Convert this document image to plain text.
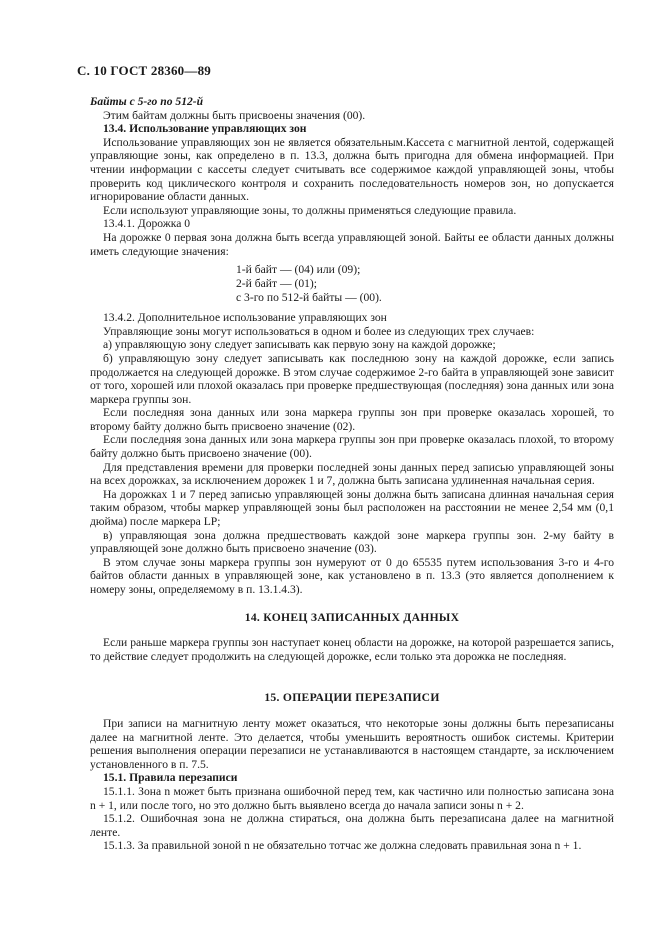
С. 10 ГОСТ 28360—89

Байты с 5-го по 512-й

Этим байтам должны быть присвоены значения (00).

13.4. Использование управляющих зон

Использование управляющих зон не является обязательным.Кассета с магнитной лентой, содержащей управляющие зоны, как определено в п. 13.3, должна быть пригодна для обмена информацией. При чтении информации с кассеты следует считывать все содержимое каждой управляющей зоны, чтобы проверить код циклического контроля и сохранить последовательность номеров зон, но допускается игнорирование области данных.

Если используют управляющие зоны, то должны применяться следующие правила.

13.4.1. Дорожка 0

На дорожке 0 первая зона должна быть всегда управляющей зоной. Байты ее области данных должны иметь следующие значения:

1-й байт — (04) или (09);
2-й байт — (01);
с 3-го по 512-й байты — (00).

13.4.2. Дополнительное использование управляющих зон

Управляющие зоны могут использоваться в одном и более из следующих трех случаев:

а) управляющую зону следует записывать как первую зону на каждой дорожке;

б) управляющую зону следует записывать как последнюю зону на каждой дорожке, если запись продолжается на следующей дорожке. В этом случае содержимое 2-го байта в управляющей зоне зависит от того, хорошей или плохой оказалась при проверке предшествующая (последняя) зона данных или зона маркера группы зон.

Если последняя зона данных или зона маркера группы зон при проверке оказалась хорошей, то второму байту должно быть присвоено значение (02).

Если последняя зона данных или зона маркера группы зон при проверке оказалась плохой, то второму байту должно быть присвоено значение (00).

Для представления времени для проверки последней зоны данных перед записью управляющей зоны на всех дорожках, за исключением дорожек 1 и 7, должна быть записана удлиненная начальная серия.

На дорожках 1 и 7 перед записью управляющей зоны должна быть записана длинная начальная серия таким образом, чтобы маркер управляющей зоны был расположен на расстоянии не менее 2,54 мм (0,1 дюйма) после маркера LP;

в) управляющая зона должна предшествовать каждой зоне маркера группы зон. 2-му байту в управляющей зоне должно быть присвоено значение (03).

В этом случае зоны маркера группы зон нумеруют от 0 до 65535 путем использования 3-го и 4-го байтов области данных в управляющей зоне, как установлено в п. 13.3 (это является дополнением к номеру зоны, определяемому в п. 13.1.4.3).

14. КОНЕЦ ЗАПИСАННЫХ ДАННЫХ

Если раньше маркера группы зон наступает конец области на дорожке, на которой разрешается запись, то действие следует продолжить на следующей дорожке, если только эта дорожка не последняя.

15. ОПЕРАЦИИ ПЕРЕЗАПИСИ

При записи на магнитную ленту может оказаться, что некоторые зоны должны быть перезаписаны далее на магнитной ленте. Это делается, чтобы уменьшить вероятность ошибок системы. Критерии решения выполнения операции перезаписи не устанавливаются в настоящем стандарте, за исключением установленного в п. 7.5.

15.1. Правила перезаписи

15.1.1. Зона n может быть признана ошибочной перед тем, как частично или полностью записана зона n + 1, или после того, но это должно быть выявлено всегда до начала записи зоны n + 2.

15.1.2. Ошибочная зона не должна стираться, она должна быть перезаписана далее на магнитной ленте.

15.1.3. За правильной зоной n не обязательно тотчас же должна следовать правильная зона n + 1.
